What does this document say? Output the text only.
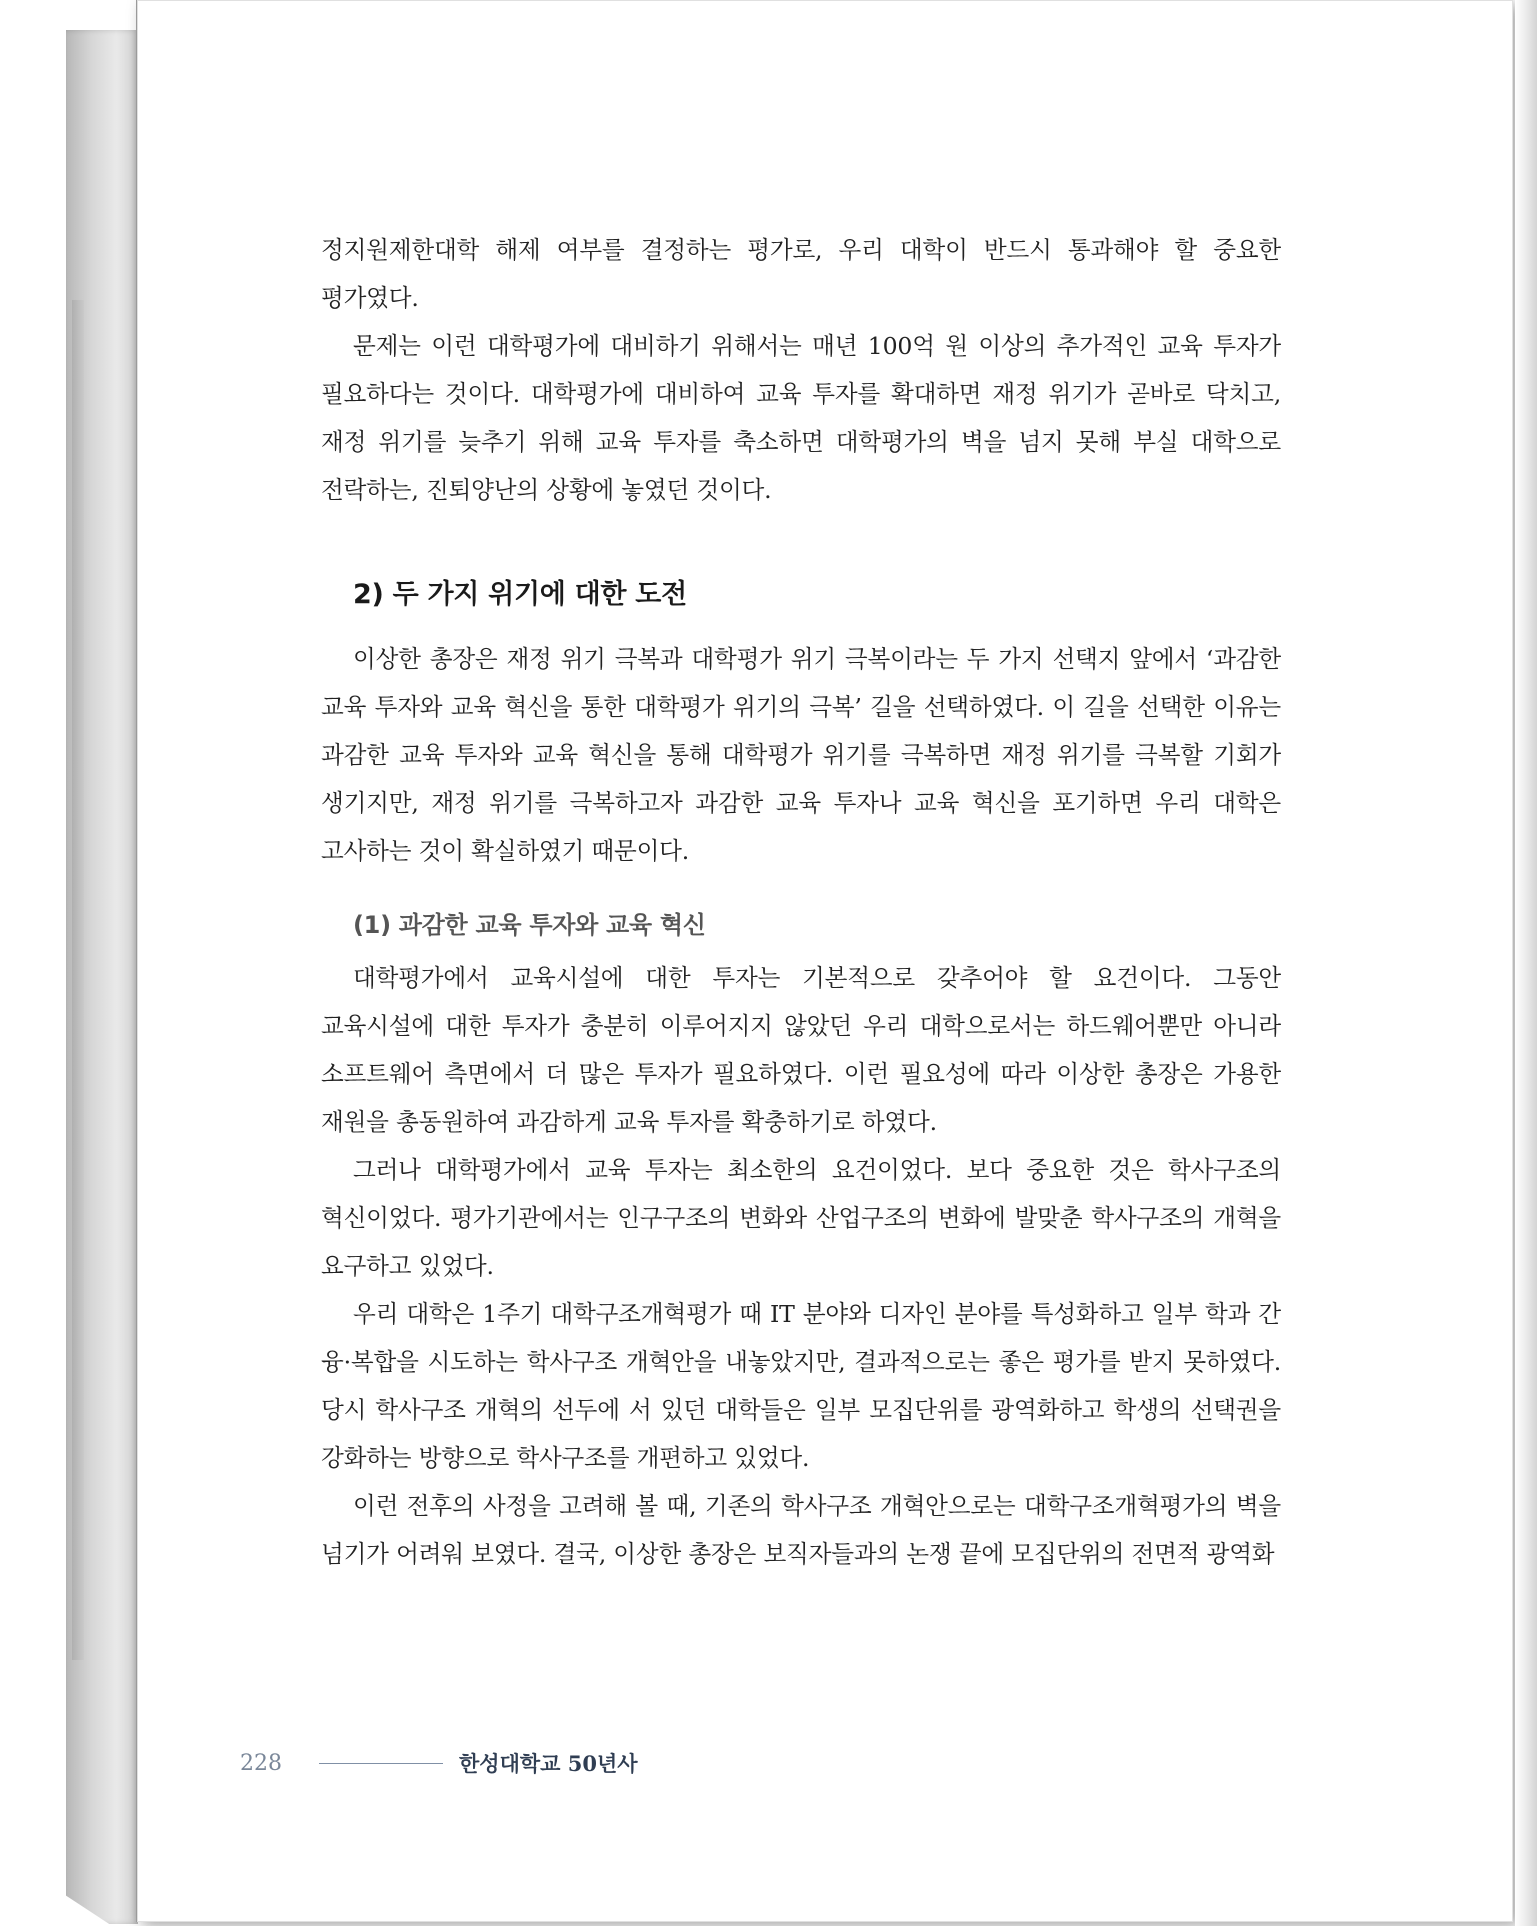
정지원제한대학 해제 여부를 결정하는 평가로, 우리 대학이 반드시 통과해야 할 중요한 평가였다.

문제는 이런 대학평가에 대비하기 위해서는 매년 100억 원 이상의 추가적인 교육 투자가 필요하다는 것이다. 대학평가에 대비하여 교육 투자를 확대하면 재정 위기가 곧바로 닥치고, 재정 위기를 늦추기 위해 교육 투자를 축소하면 대학평가의 벽을 넘지 못해 부실 대학으로 전락하는, 진퇴양난의 상황에 놓였던 것이다.

2) 두 가지 위기에 대한 도전

이상한 총장은 재정 위기 극복과 대학평가 위기 극복이라는 두 가지 선택지 앞에서 ‘과감한 교육 투자와 교육 혁신을 통한 대학평가 위기의 극복’ 길을 선택하였다. 이 길을 선택한 이유는 과감한 교육 투자와 교육 혁신을 통해 대학평가 위기를 극복하면 재정 위기를 극복할 기회가 생기지만, 재정 위기를 극복하고자 과감한 교육 투자나 교육 혁신을 포기하면 우리 대학은 고사하는 것이 확실하였기 때문이다.

(1) 과감한 교육 투자와 교육 혁신

대학평가에서 교육시설에 대한 투자는 기본적으로 갖추어야 할 요건이다. 그동안 교육시설에 대한 투자가 충분히 이루어지지 않았던 우리 대학으로서는 하드웨어뿐만 아니라 소프트웨어 측면에서 더 많은 투자가 필요하였다. 이런 필요성에 따라 이상한 총장은 가용한 재원을 총동원하여 과감하게 교육 투자를 확충하기로 하였다.

그러나 대학평가에서 교육 투자는 최소한의 요건이었다. 보다 중요한 것은 학사구조의 혁신이었다. 평가기관에서는 인구구조의 변화와 산업구조의 변화에 발맞춘 학사구조의 개혁을 요구하고 있었다.

우리 대학은 1주기 대학구조개혁평가 때 IT 분야와 디자인 분야를 특성화하고 일부 학과 간 융·복합을 시도하는 학사구조 개혁안을 내놓았지만, 결과적으로는 좋은 평가를 받지 못하였다. 당시 학사구조 개혁의 선두에 서 있던 대학들은 일부 모집단위를 광역화하고 학생의 선택권을 강화하는 방향으로 학사구조를 개편하고 있었다.

이런 전후의 사정을 고려해 볼 때, 기존의 학사구조 개혁안으로는 대학구조개혁평가의 벽을 넘기가 어려워 보였다. 결국, 이상한 총장은 보직자들과의 논쟁 끝에 모집단위의 전면적 광역화

228	한성대학교 50년사
